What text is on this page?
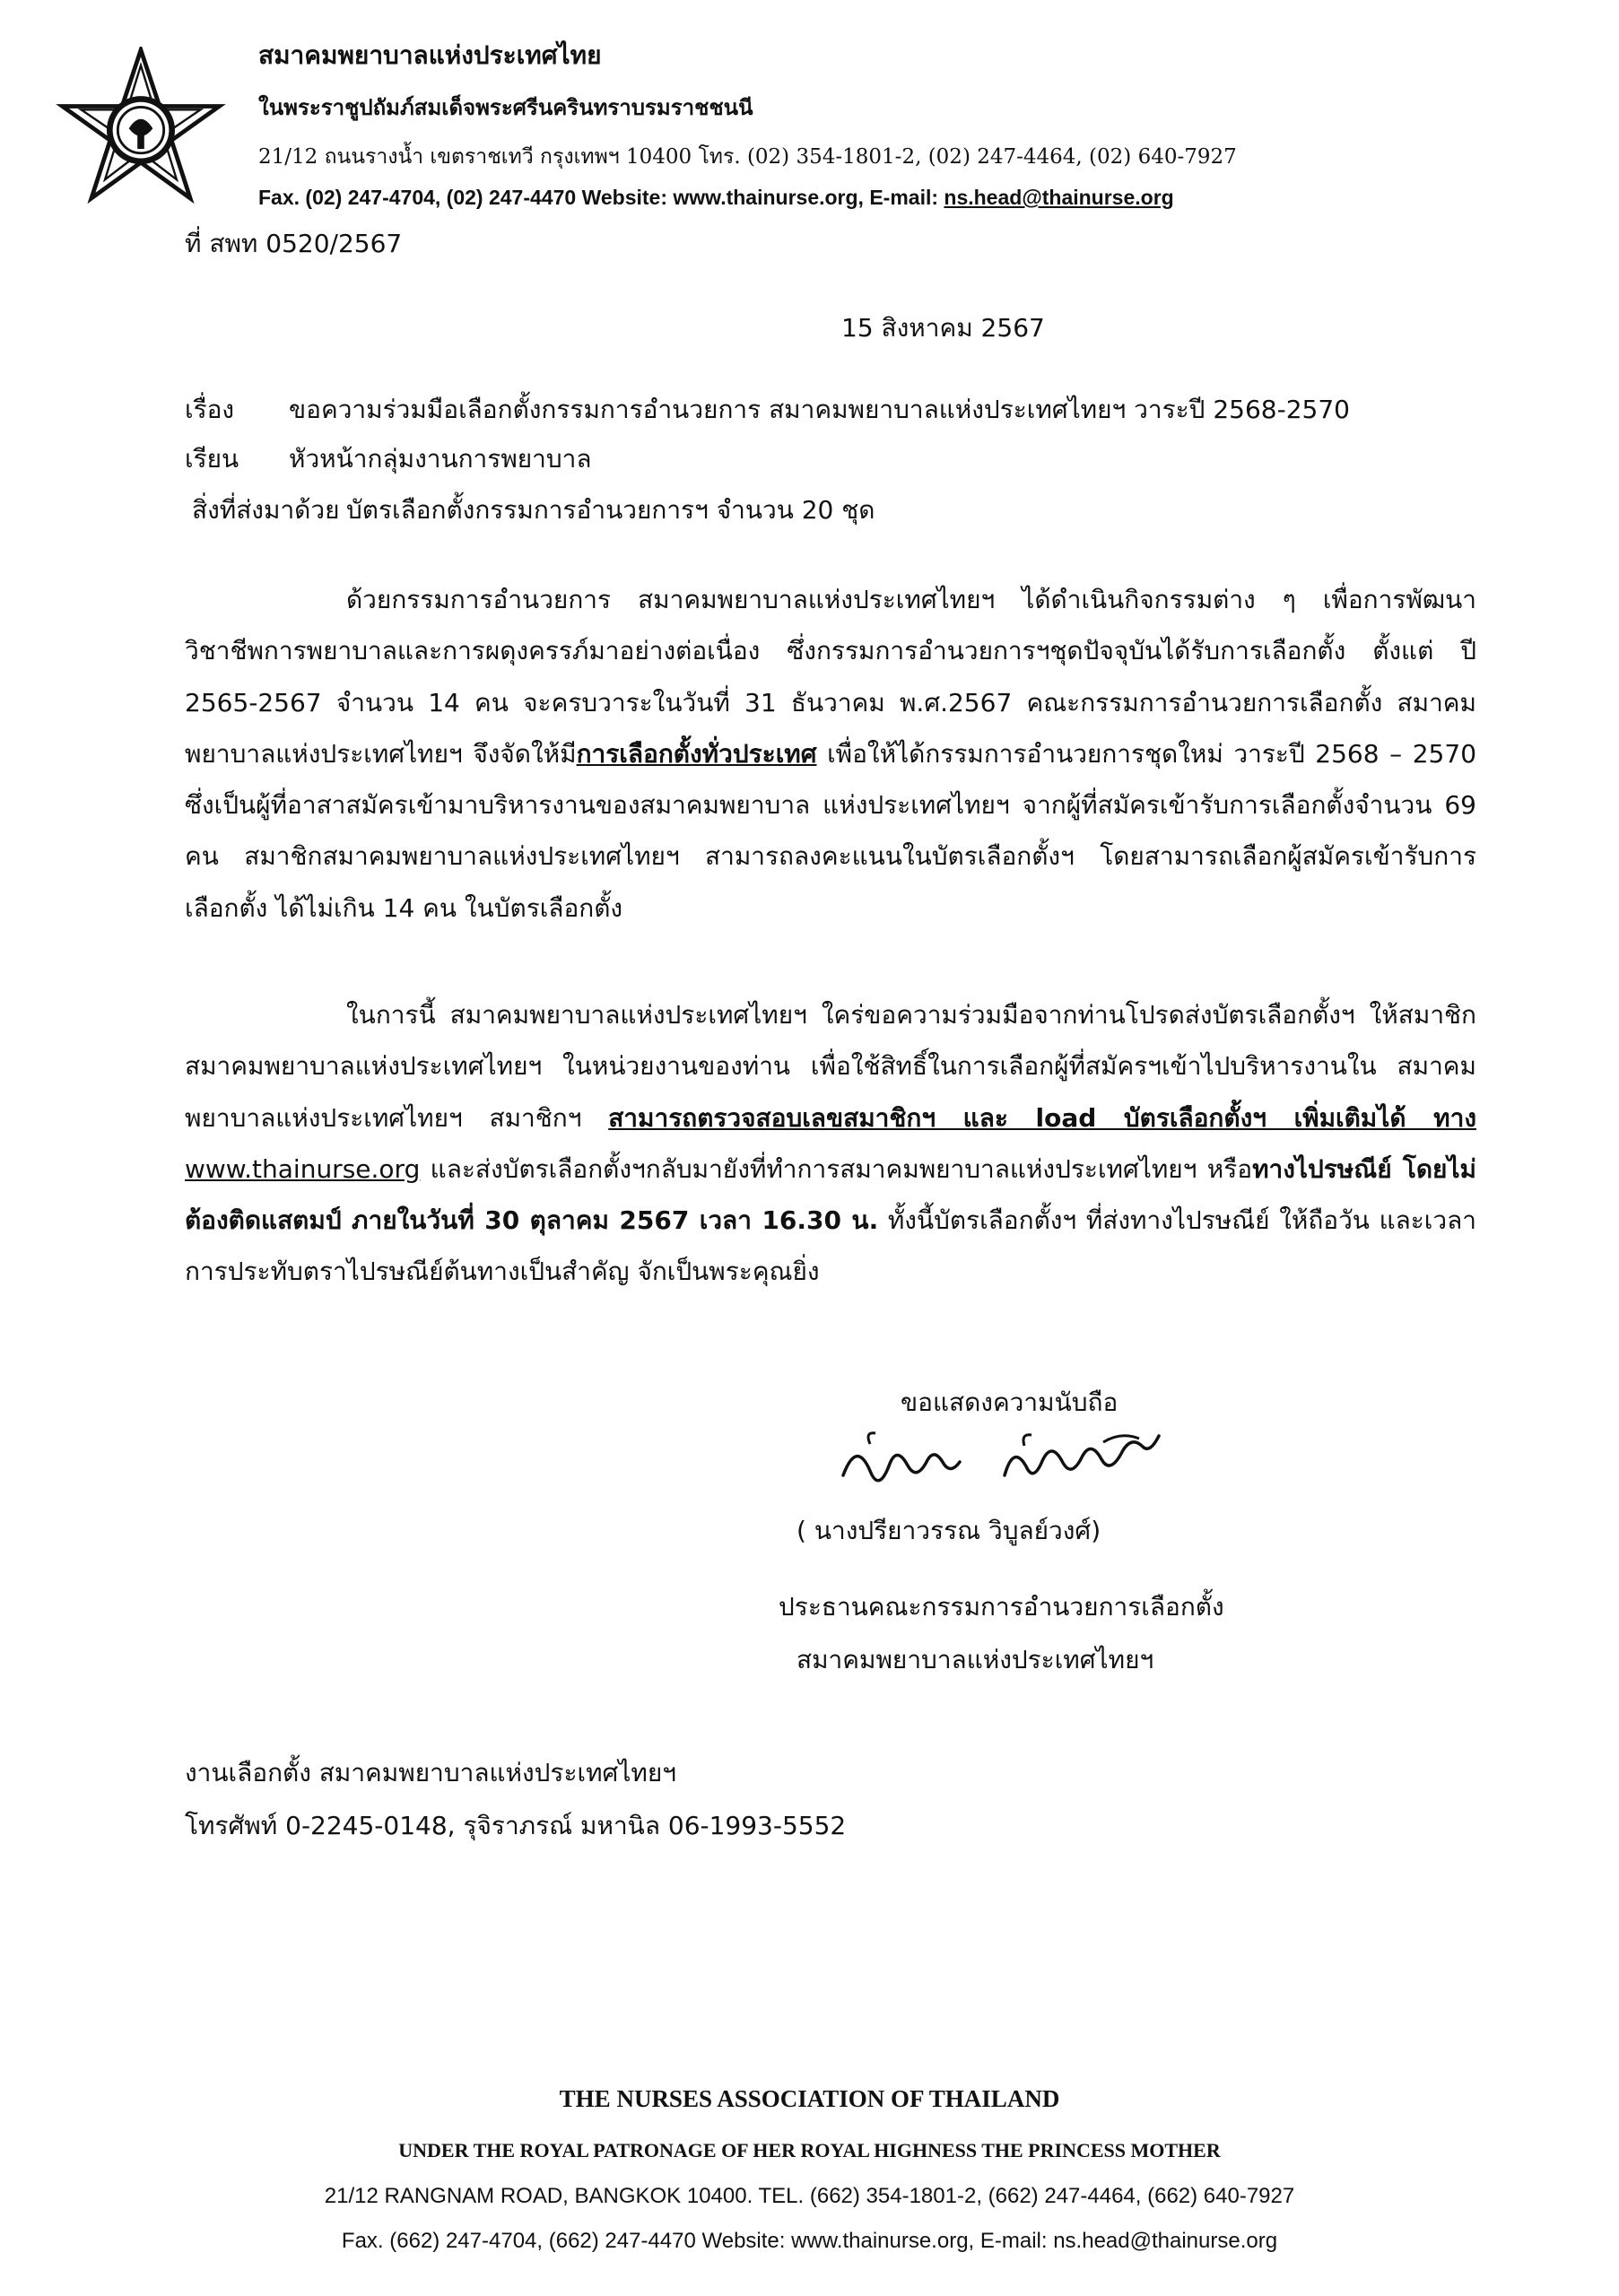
สมาคมพยาบาลแห่งประเทศไทย
ในพระราชูปถัมภ์สมเด็จพระศรีนครินทราบรมราชชนนี
21/12 ถนนรางน้ำ เขตราชเทวี กรุงเทพฯ 10400 โทร. (02) 354-1801-2, (02) 247-4464, (02) 640-7927
Fax. (02) 247-4704, (02) 247-4470 Website: www.thainurse.org, E-mail: ns.head@thainurse.org
ที่ สพท 0520/2567
15 สิงหาคม 2567
เรื่อง ขอความร่วมมือเลือกตั้งกรรมการอำนวยการ สมาคมพยาบาลแห่งประเทศไทยฯ วาระปี 2568-2570
เรียน หัวหน้ากลุ่มงานการพยาบาล
สิ่งที่ส่งมาด้วย บัตรเลือกตั้งกรรมการอำนวยการฯ จำนวน 20 ชุด

ด้วยกรรมการอำนวยการ สมาคมพยาบาลแห่งประเทศไทยฯ ได้ดำเนินกิจกรรมต่าง ๆ เพื่อการพัฒนาวิชาชีพการพยาบาลและการผดุงครรภ์มาอย่างต่อเนื่อง ซึ่งกรรมการอำนวยการฯชุดปัจจุบันได้รับการเลือกตั้ง ตั้งแต่ ปี 2565-2567 จำนวน 14 คน จะครบวาระในวันที่ 31 ธันวาคม พ.ศ.2567 คณะกรรมการอำนวยการเลือกตั้ง สมาคมพยาบาลแห่งประเทศไทยฯ จึงจัดให้มีการเลือกตั้งทั่วประเทศ เพื่อให้ได้กรรมการอำนวยการชุดใหม่ วาระปี 2568 – 2570 ซึ่งเป็นผู้ที่อาสาสมัครเข้ามาบริหารงานของสมาคมพยาบาล แห่งประเทศไทยฯ จากผู้ที่สมัครเข้ารับการเลือกตั้งจำนวน 69 คน สมาชิกสมาคมพยาบาลแห่งประเทศไทยฯ สามารถลงคะแนนในบัตรเลือกตั้งฯ โดยสามารถเลือกผู้สมัครเข้ารับการเลือกตั้ง ได้ไม่เกิน 14 คน ในบัตรเลือกตั้ง

ในการนี้ สมาคมพยาบาลแห่งประเทศไทยฯ ใคร่ขอความร่วมมือจากท่านโปรดส่งบัตรเลือกตั้งฯ ให้สมาชิกสมาคมพยาบาลแห่งประเทศไทยฯ ในหน่วยงานของท่าน เพื่อใช้สิทธิ์ในการเลือกผู้ที่สมัครฯเข้าไปบริหารงานใน สมาคมพยาบาลแห่งประเทศไทยฯ สมาชิกฯ สามารถตรวจสอบเลขสมาชิกฯ และ load บัตรเลือกตั้งฯ เพิ่มเติมได้ ทาง www.thainurse.org และส่งบัตรเลือกตั้งฯกลับมายังที่ทำการสมาคมพยาบาลแห่งประเทศไทยฯ หรือทางไปรษณีย์ โดยไม่ต้องติดแสตมป์ ภายในวันที่ 30 ตุลาคม 2567 เวลา 16.30 น. ทั้งนี้บัตรเลือกตั้งฯ ที่ส่งทางไปรษณีย์ ให้ถือวัน และเวลา การประทับตราไปรษณีย์ต้นทางเป็นสำคัญ จักเป็นพระคุณยิ่ง

ขอแสดงความนับถือ
( นางปรียาวรรณ วิบูลย์วงศ์)
ประธานคณะกรรมการอำนวยการเลือกตั้ง
สมาคมพยาบาลแห่งประเทศไทยฯ
งานเลือกตั้ง สมาคมพยาบาลแห่งประเทศไทยฯ
โทรศัพท์ 0-2245-0148, รุจิราภรณ์ มหานิล 06-1993-5552
THE NURSES ASSOCIATION OF THAILAND
UNDER THE ROYAL PATRONAGE OF HER ROYAL HIGHNESS THE PRINCESS MOTHER
21/12 RANGNAM ROAD, BANGKOK 10400. TEL. (662) 354-1801-2, (662) 247-4464, (662) 640-7927
Fax. (662) 247-4704, (662) 247-4470 Website: www.thainurse.org, E-mail: ns.head@thainurse.org
